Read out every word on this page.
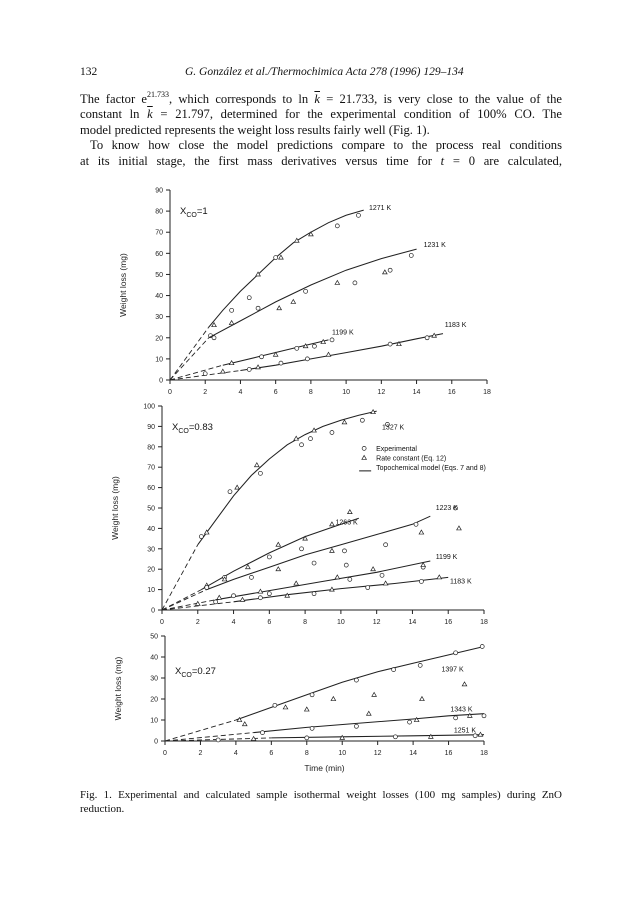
132	G. González et al./Thermochimica Acta 278 (1996) 129–134
The factor $e^{21.733}$, which corresponds to $\ln \overline{k} = 21.733$, is very close to the value of the
constant $\ln \overline{k} = 21.797$, determined for the experimental condition of 100% CO. The
model predicted represents the weight loss results fairly well (Fig. 1).
To know how close the model predictions compare to the process real conditions
at its initial stage, the first mass derivatives versus time for t = 0 are calculated,
0	2	4	6	8	10	12	14	16	18
0
10
20
30
40
50
60
70
80
90
Weight loss (mg)
$X_{CO}=1$	1271 K
1231 K
1199 K
1183 K
0	2	4	6	8	10	12	14	16	18
0
10
20
30
40
50
60
70
80
90
100
Weight loss (mg)
$X_{CO}=0.83$	1327 K
1263 K
1223 K
1199 K
1183 K
Experimental
Rate constant (Eq. 12)
Topochemical model (Eqs. 7 and 8)
0	2	4	6	8	10	12	14	16	18
0
10
20
30
40
50
Weight loss (mg)
Time (min)
$X_{CO}=0.27$	1397 K
1343 K
1251 K
Fig. 1. Experimental and calculated sample isothermal weight losses (100 mg samples) during ZnO
reduction.
